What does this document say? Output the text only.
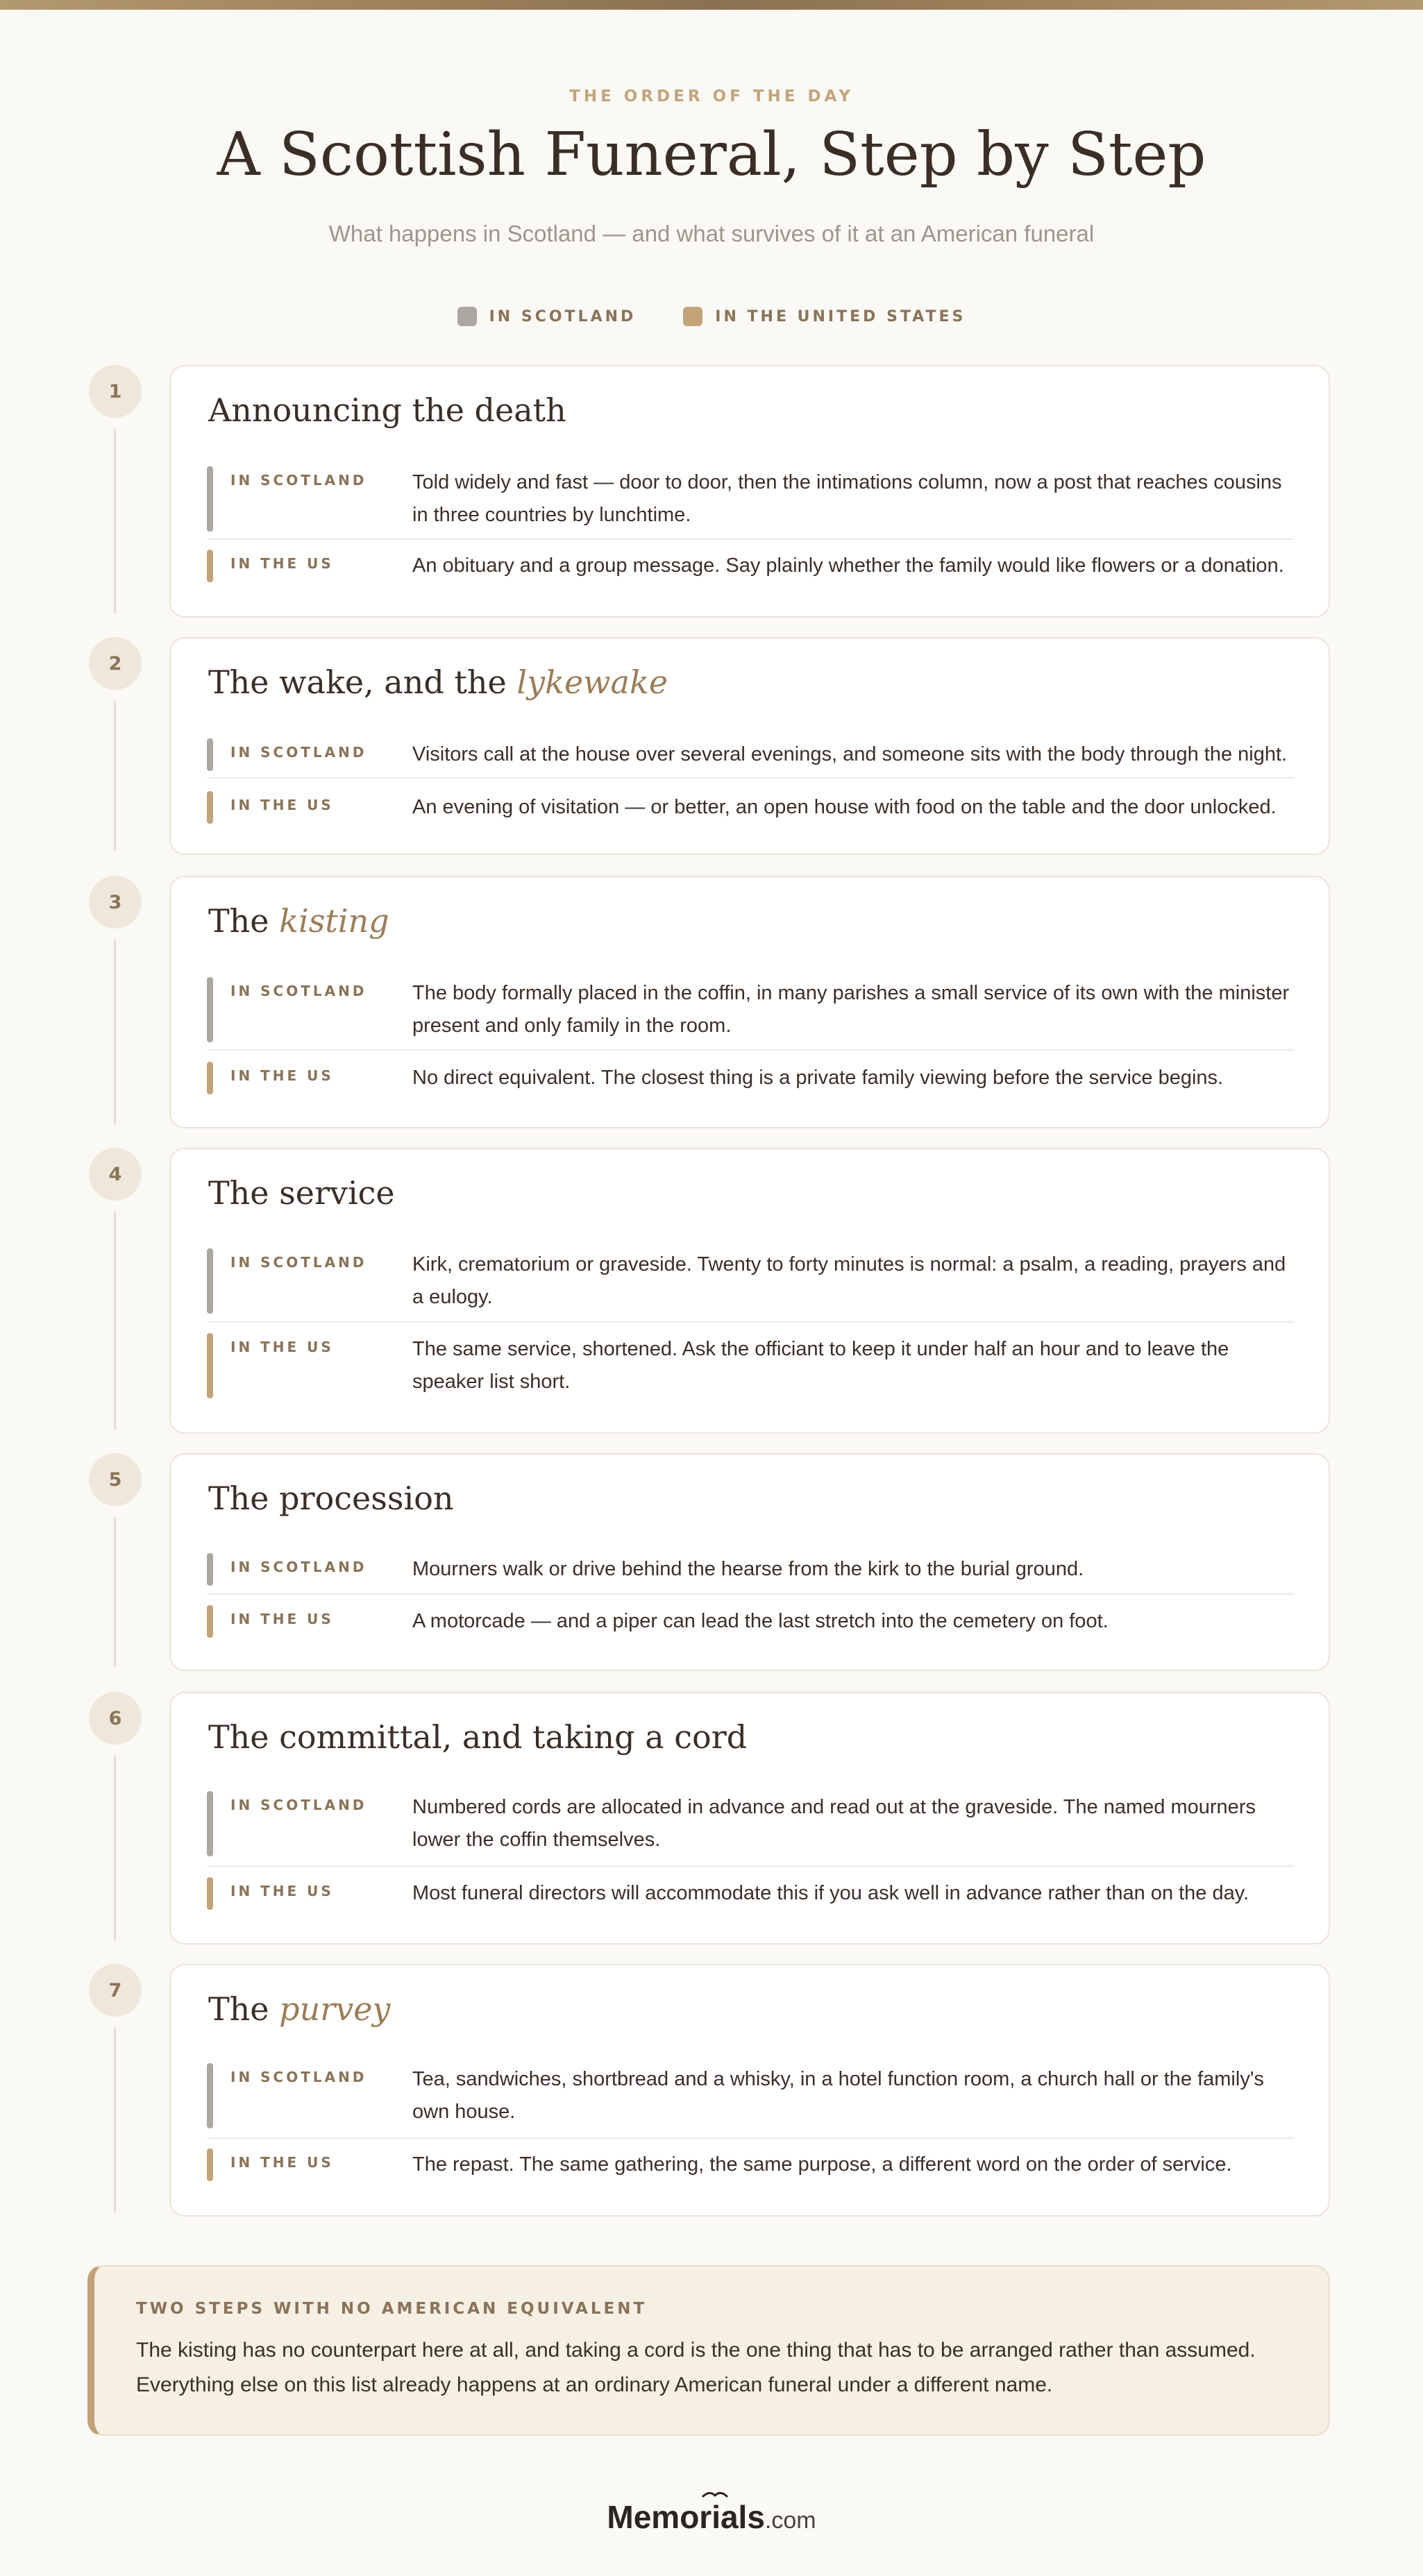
THE ORDER OF THE DAY
A Scottish Funeral, Step by Step
What happens in Scotland — and what survives of it at an American funeral
IN SCOTLAND	IN THE UNITED STATES
1	Announcing the death
IN SCOTLAND Told widely and fast — door to door, then the intimations column, now a post that reaches cousins in three countries by lunchtime.
IN THE US	An obituary and a group message. Say plainly whether the family would like flowers or a donation.
2	The wake, and the lykewake
IN SCOTLAND Visitors call at the house over several evenings, and someone sits with the body through the night.
IN THE US	An evening of visitation — or better, an open house with food on the table and the door unlocked.
3	The kisting
IN SCOTLAND The body formally placed in the coffin, in many parishes a small service of its own with the minister present and only family in the room.
IN THE US	No direct equivalent. The closest thing is a private family viewing before the service begins.
4	The service
IN SCOTLAND Kirk, crematorium or graveside. Twenty to forty minutes is normal: a psalm, a reading, prayers and a eulogy.
IN THE US	The same service, shortened. Ask the officiant to keep it under half an hour and to leave the speaker list short.
5	The procession
IN SCOTLAND Mourners walk or drive behind the hearse from the kirk to the burial ground.
IN THE US	A motorcade — and a piper can lead the last stretch into the cemetery on foot.
6	The committal, and taking a cord
IN SCOTLAND Numbered cords are allocated in advance and read out at the graveside. The named mourners lower the coffin themselves.
IN THE US	Most funeral directors will accommodate this if you ask well in advance rather than on the day.
7	The purvey
IN SCOTLAND Tea, sandwiches, shortbread and a whisky, in a hotel function room, a church hall or the family's own house.
IN THE US	The repast. The same gathering, the same purpose, a different word on the order of service.
TWO STEPS WITH NO AMERICAN EQUIVALENT
The kisting has no counterpart here at all, and taking a cord is the one thing that has to be arranged rather than assumed. Everything else on this list already happens at an ordinary American funeral under a different name.
Memorials.com
